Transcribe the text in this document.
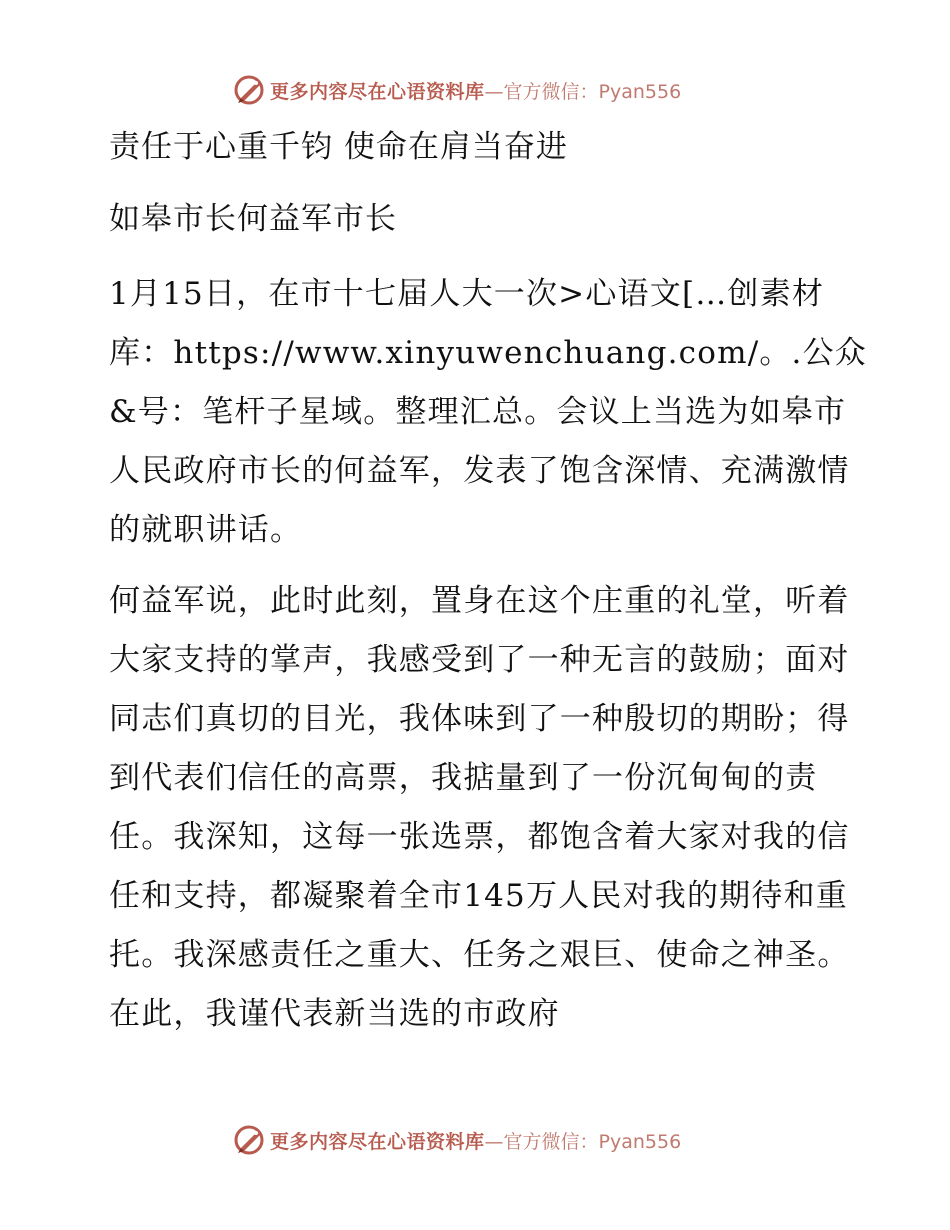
更多内容尽在心语资料库 —官方微信：Pyan556
责任于心重千钧 使命在肩当奋进
如皋市长何益军市长
1月15日，在市十七届人大一次>心语文[…创素材库：https://www.xinyuwenchuang.com/。.公众&号：笔杆子星域。整理汇总。会议上当选为如皋市人民政府市长的何益军，发表了饱含深情、充满激情的就职讲话。
何益军说，此时此刻，置身在这个庄重的礼堂，听着大家支持的掌声，我感受到了一种无言的鼓励；面对同志们真切的目光，我体味到了一种殷切的期盼；得到代表们信任的高票，我掂量到了一份沉甸甸的责任。我深知，这每一张选票，都饱含着大家对我的信任和支持，都凝聚着全市145万人民对我的期待和重托。我深感责任之重大、任务之艰巨、使命之神圣。在此，我谨代表新当选的市政府
更多内容尽在心语资料库 —官方微信：Pyan556
